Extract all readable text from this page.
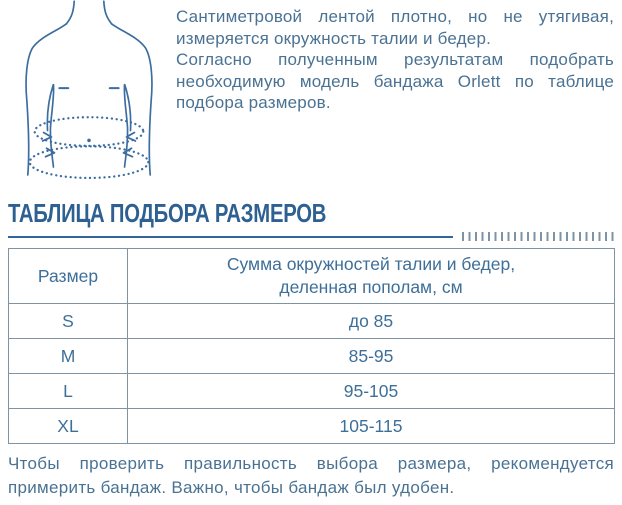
Сантиметровой лентой плотно, но не утягивая, измеряется окружность талии и бедер.

Согласно полученным результатам подобрать необходимую модель бандажа Orlett по таблице подбора размеров.

ТАБЛИЦА ПОДБОРА РАЗМЕРОВ
Размер	Сумма окружностей талии и бедер,
деленная пополам, см

S	до 85
M	85-95
L	95-105
XL	105-115

Чтобы проверить правильность выбора размера, рекомендуется примерить бандаж. Важно, чтобы бандаж был удобен.
